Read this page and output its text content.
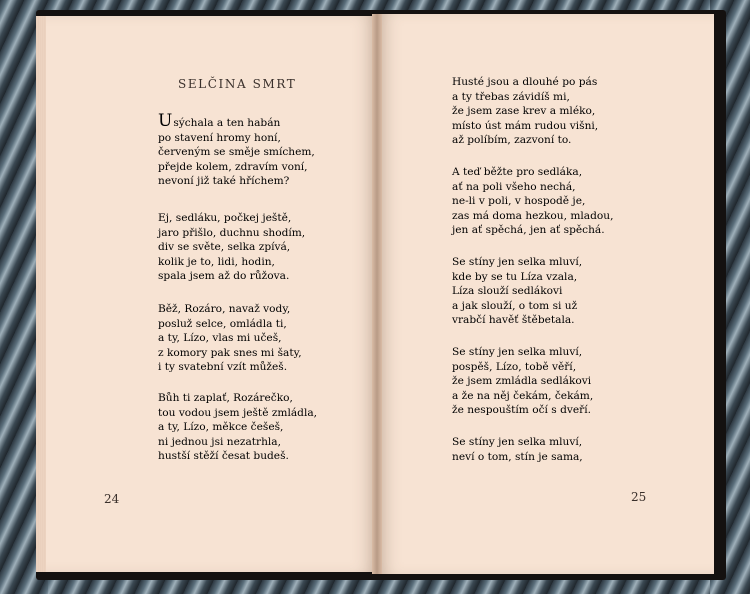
SELČINA SMRT
Usýchala a ten habán
po stavení hromy honí,
červeným se směje smíchem,
přejde kolem, zdravím voní,
nevoní již také hříchem?
Ej, sedláku, počkej ještě,
jaro přišlo, duchnu shodím,
div se světe, selka zpívá,
kolik je to, lidi, hodin,
spala jsem až do růžova.
Běž, Rozáro, navaž vody,
posluž selce, omládla ti,
a ty, Lízo, vlas mi učeš,
z komory pak snes mi šaty,
i ty svatební vzít můžeš.
Bůh ti zaplať, Rozárečko,
tou vodou jsem ještě zmládla,
a ty, Lízo, měkce češeš,
ni jednou jsi nezatrhla,
hustší stěží česat budeš.
24
Husté jsou a dlouhé po pás
a ty třebas závidíš mi,
že jsem zase krev a mléko,
místo úst mám rudou višni,
až políbím, zazvoní to.
A teď běžte pro sedláka,
ať na poli všeho nechá,
ne-li v poli, v hospodě je,
zas má doma hezkou, mladou,
jen ať spěchá, jen ať spěchá.
Se stíny jen selka mluví,
kde by se tu Líza vzala,
Líza slouží sedlákovi
a jak slouží, o tom si už
vrabčí havěť štěbetala.
Se stíny jen selka mluví,
pospěš, Lízo, tobě věří,
že jsem zmládla sedlákovi
a že na něj čekám, čekám,
že nespouštím očí s dveří.
Se stíny jen selka mluví,
neví o tom, stín je sama,
25
